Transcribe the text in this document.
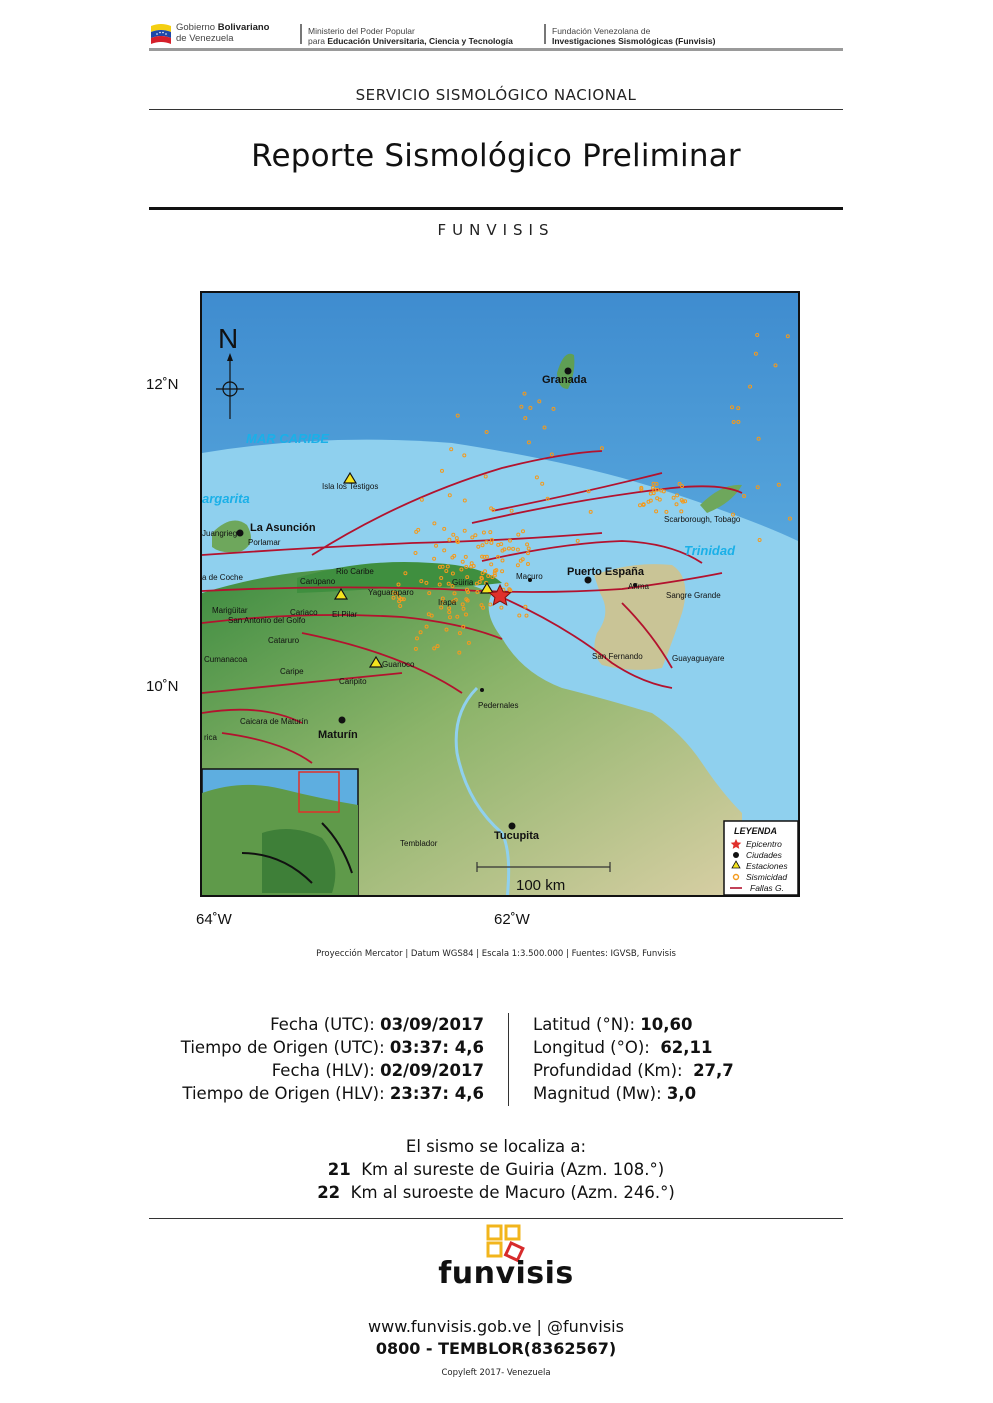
Gobierno Bolivariano
de Venezuela
Ministerio del Poder Popular
para Educación Universitaria, Ciencia y Tecnología
Fundación Venezolana de
Investigaciones Sismológicas (Funvisis)
SERVICIO SISMOLÓGICO NACIONAL
Reporte Sismológico Preliminar
FUNVISIS
12˚N
10˚N
64˚W	62˚W
N
MAR CARIBE
Trinidad
argarita
Granada
La Asunción
Isla los Testigos
Scarborough, Tobago
Puerto España
Arima
Sangre Grande
San Fernando	Guayaguayare
Macuro
Güiria
Irapa
Yaguaraparo
Rio Caribe
Carúpano
El Pilar
Cariaco
Marigüitar
San Antonio del Golfo
Cumanacoa
Caripe
Caripito
Guanoco
Cataruro
Pedernales
Maturín
Caicara de Maturín
Temblador
Tucupita
Juangriego
Porlamar
a de Coche
rica
100 km
LEYENDA
Epicentro
Ciudades
Estaciones
Sismicidad
Fallas G.
Proyección Mercator | Datum WGS84 | Escala 1:3.500.000 | Fuentes: IGVSB, Funvisis
Fecha (UTC): 03/09/2017
Tiempo de Origen (UTC): 03:37: 4,6
Fecha (HLV): 02/09/2017
Tiempo de Origen (HLV): 23:37: 4,6
Latitud (°N): 10,60
Longitud (°O):  62,11
Profundidad (Km):  27,7
Magnitud (Mw): 3,0
El sismo se localiza a:
21  Km al sureste de Guiria (Azm. 108.°)
22  Km al suroeste de Macuro (Azm. 246.°)
funvisis
www.funvisis.gob.ve | @funvisis
0800 - TEMBLOR(8362567)
Copyleft 2017- Venezuela
